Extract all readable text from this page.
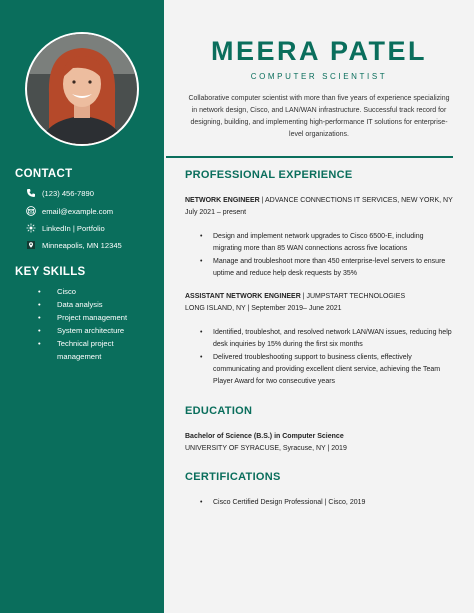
CONTACT
(123) 456-7890
email@example.com
LinkedIn | Portfolio
Minneapolis, MN 12345
KEY SKILLS
• Cisco
• Data analysis
• Project management
• System architecture
• Technical project management
MEERA PATEL
COMPUTER SCIENTIST
Collaborative computer scientist with more than five years of experience specializing in network design, Cisco, and LAN/WAN infrastructure. Successful track record for designing, building, and implementing high-performance IT solutions for enterprise-level organizations.
PROFESSIONAL EXPERIENCE
NETWORK ENGINEER | ADVANCE CONNECTIONS IT SERVICES, NEW YORK, NY
July 2021 – present
• Design and implement network upgrades to Cisco 6500-E, including migrating more than 85 WAN connections across five locations
• Manage and troubleshoot more than 450 enterprise-level servers to ensure uptime and reduce help desk requests by 35%
ASSISTANT NETWORK ENGINEER | JUMPSTART TECHNOLOGIES
LONG ISLAND, NY | September 2019– June 2021
• Identified, troubleshot, and resolved network LAN/WAN issues, reducing help desk inquiries by 15% during the first six months
• Delivered troubleshooting support to business clients, effectively communicating and providing excellent client service, achieving the Team Player Award for two consecutive years
EDUCATION
Bachelor of Science (B.S.) in Computer Science
UNIVERSITY OF SYRACUSE, Syracuse, NY | 2019
CERTIFICATIONS
• Cisco Certified Design Professional | Cisco, 2019
